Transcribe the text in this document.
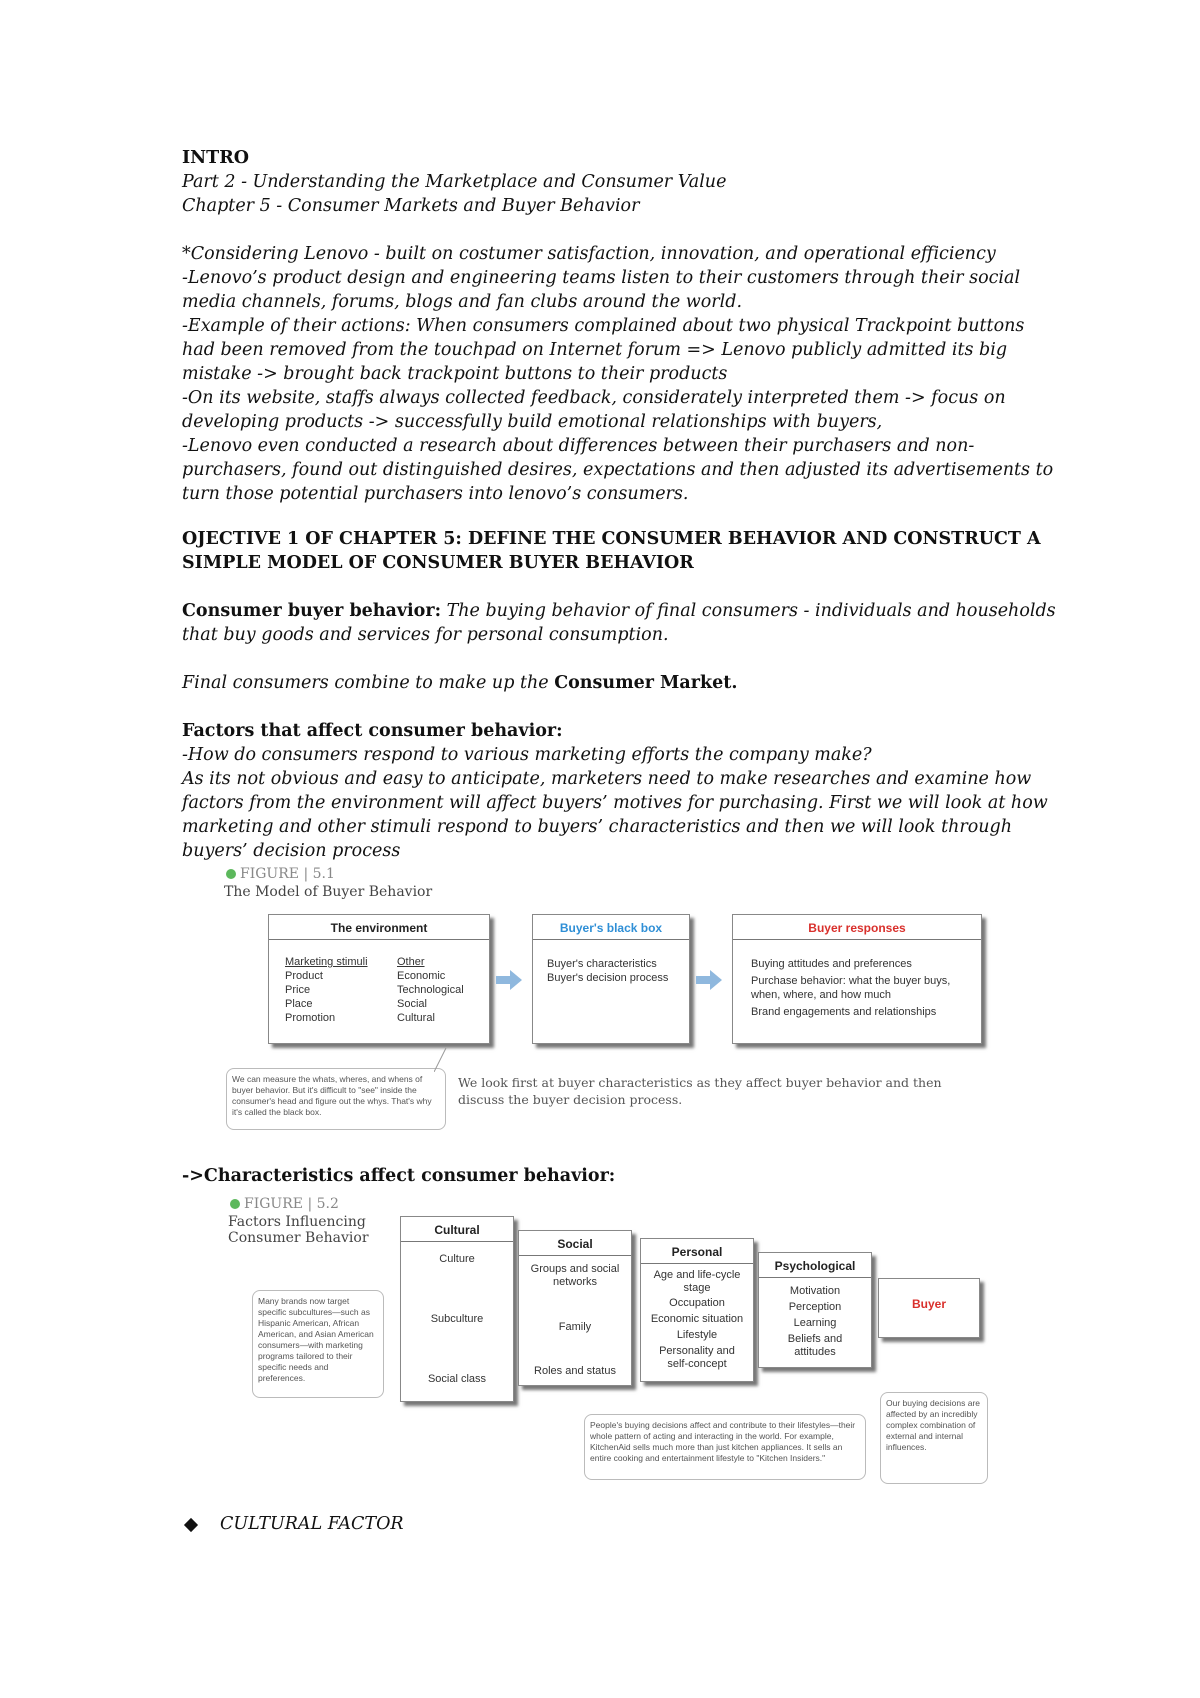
INTRO
Part 2 - Understanding the Marketplace and Consumer Value
Chapter 5 - Consumer Markets and Buyer Behavior
*Considering Lenovo - built on costumer satisfaction, innovation, and operational efficiency
-Lenovo’s product design and engineering teams listen to their customers through their social media channels, forums, blogs and fan clubs around the world.
-Example of their actions: When consumers complained about two physical Trackpoint buttons had been removed from the touchpad on Internet forum => Lenovo publicly admitted its big mistake -> brought back trackpoint buttons to their products
-On its website, staffs always collected feedback, considerately interpreted them -> focus on developing products -> successfully build emotional relationships with buyers,
-Lenovo even conducted a research about differences between their purchasers and non-purchasers, found out distinguished desires, expectations and then adjusted its advertisements to turn those potential purchasers into lenovo’s consumers.
OJECTIVE 1 OF CHAPTER 5: DEFINE THE CONSUMER BEHAVIOR AND CONSTRUCT A SIMPLE MODEL OF CONSUMER BUYER BEHAVIOR
Consumer buyer behavior: The buying behavior of final consumers - individuals and households that buy goods and services for personal consumption.
Final consumers combine to make up the Consumer Market.
Factors that affect consumer behavior:
-How do consumers respond to various marketing efforts the company make?
As its not obvious and easy to anticipate, marketers need to make researches and examine how factors from the environment will affect buyers’ motives for purchasing. First we will look at how marketing and other stimuli respond to buyers’ characteristics and then we will look through buyers’ decision process
FIGURE | 5.1
The Model of Buyer Behavior
The environment
Marketing stimuli
Product
Price
Place
Promotion
Other
Economic
Technological
Social
Cultural
Buyer's black box
Buyer's characteristics
Buyer's decision process
Buyer responses
Buying attitudes and preferences
Purchase behavior: what the buyer buys, when, where, and how much
Brand engagements and relationships
We can measure the whats, wheres, and whens of buyer behavior. But it's difficult to "see" inside the consumer's head and figure out the whys. That's why it's called the black box.
We look first at buyer characteristics as they affect buyer behavior and then discuss the buyer decision process.
->Characteristics affect consumer behavior:
FIGURE | 5.2
Factors Influencing
Consumer Behavior	Cultural
Culture
Subculture
Social class
Social
Groups and social networks
Family
Roles and status
Personal
Age and life-cycle stage
Occupation
Economic situation
Lifestyle
Personality and self-concept
Psychological
Motivation
Perception
Learning
Beliefs and attitudes
Buyer
Many brands now target specific subcultures—such as Hispanic American, African American, and Asian American consumers—with marketing programs tailored to their specific needs and preferences.
People's buying decisions affect and contribute to their lifestyles—their whole pattern of acting and interacting in the world. For example, KitchenAid sells much more than just kitchen appliances. It sells an entire cooking and entertainment lifestyle to "Kitchen Insiders."
Our buying decisions are affected by an incredibly complex combination of external and internal influences.
CULTURAL FACTOR
